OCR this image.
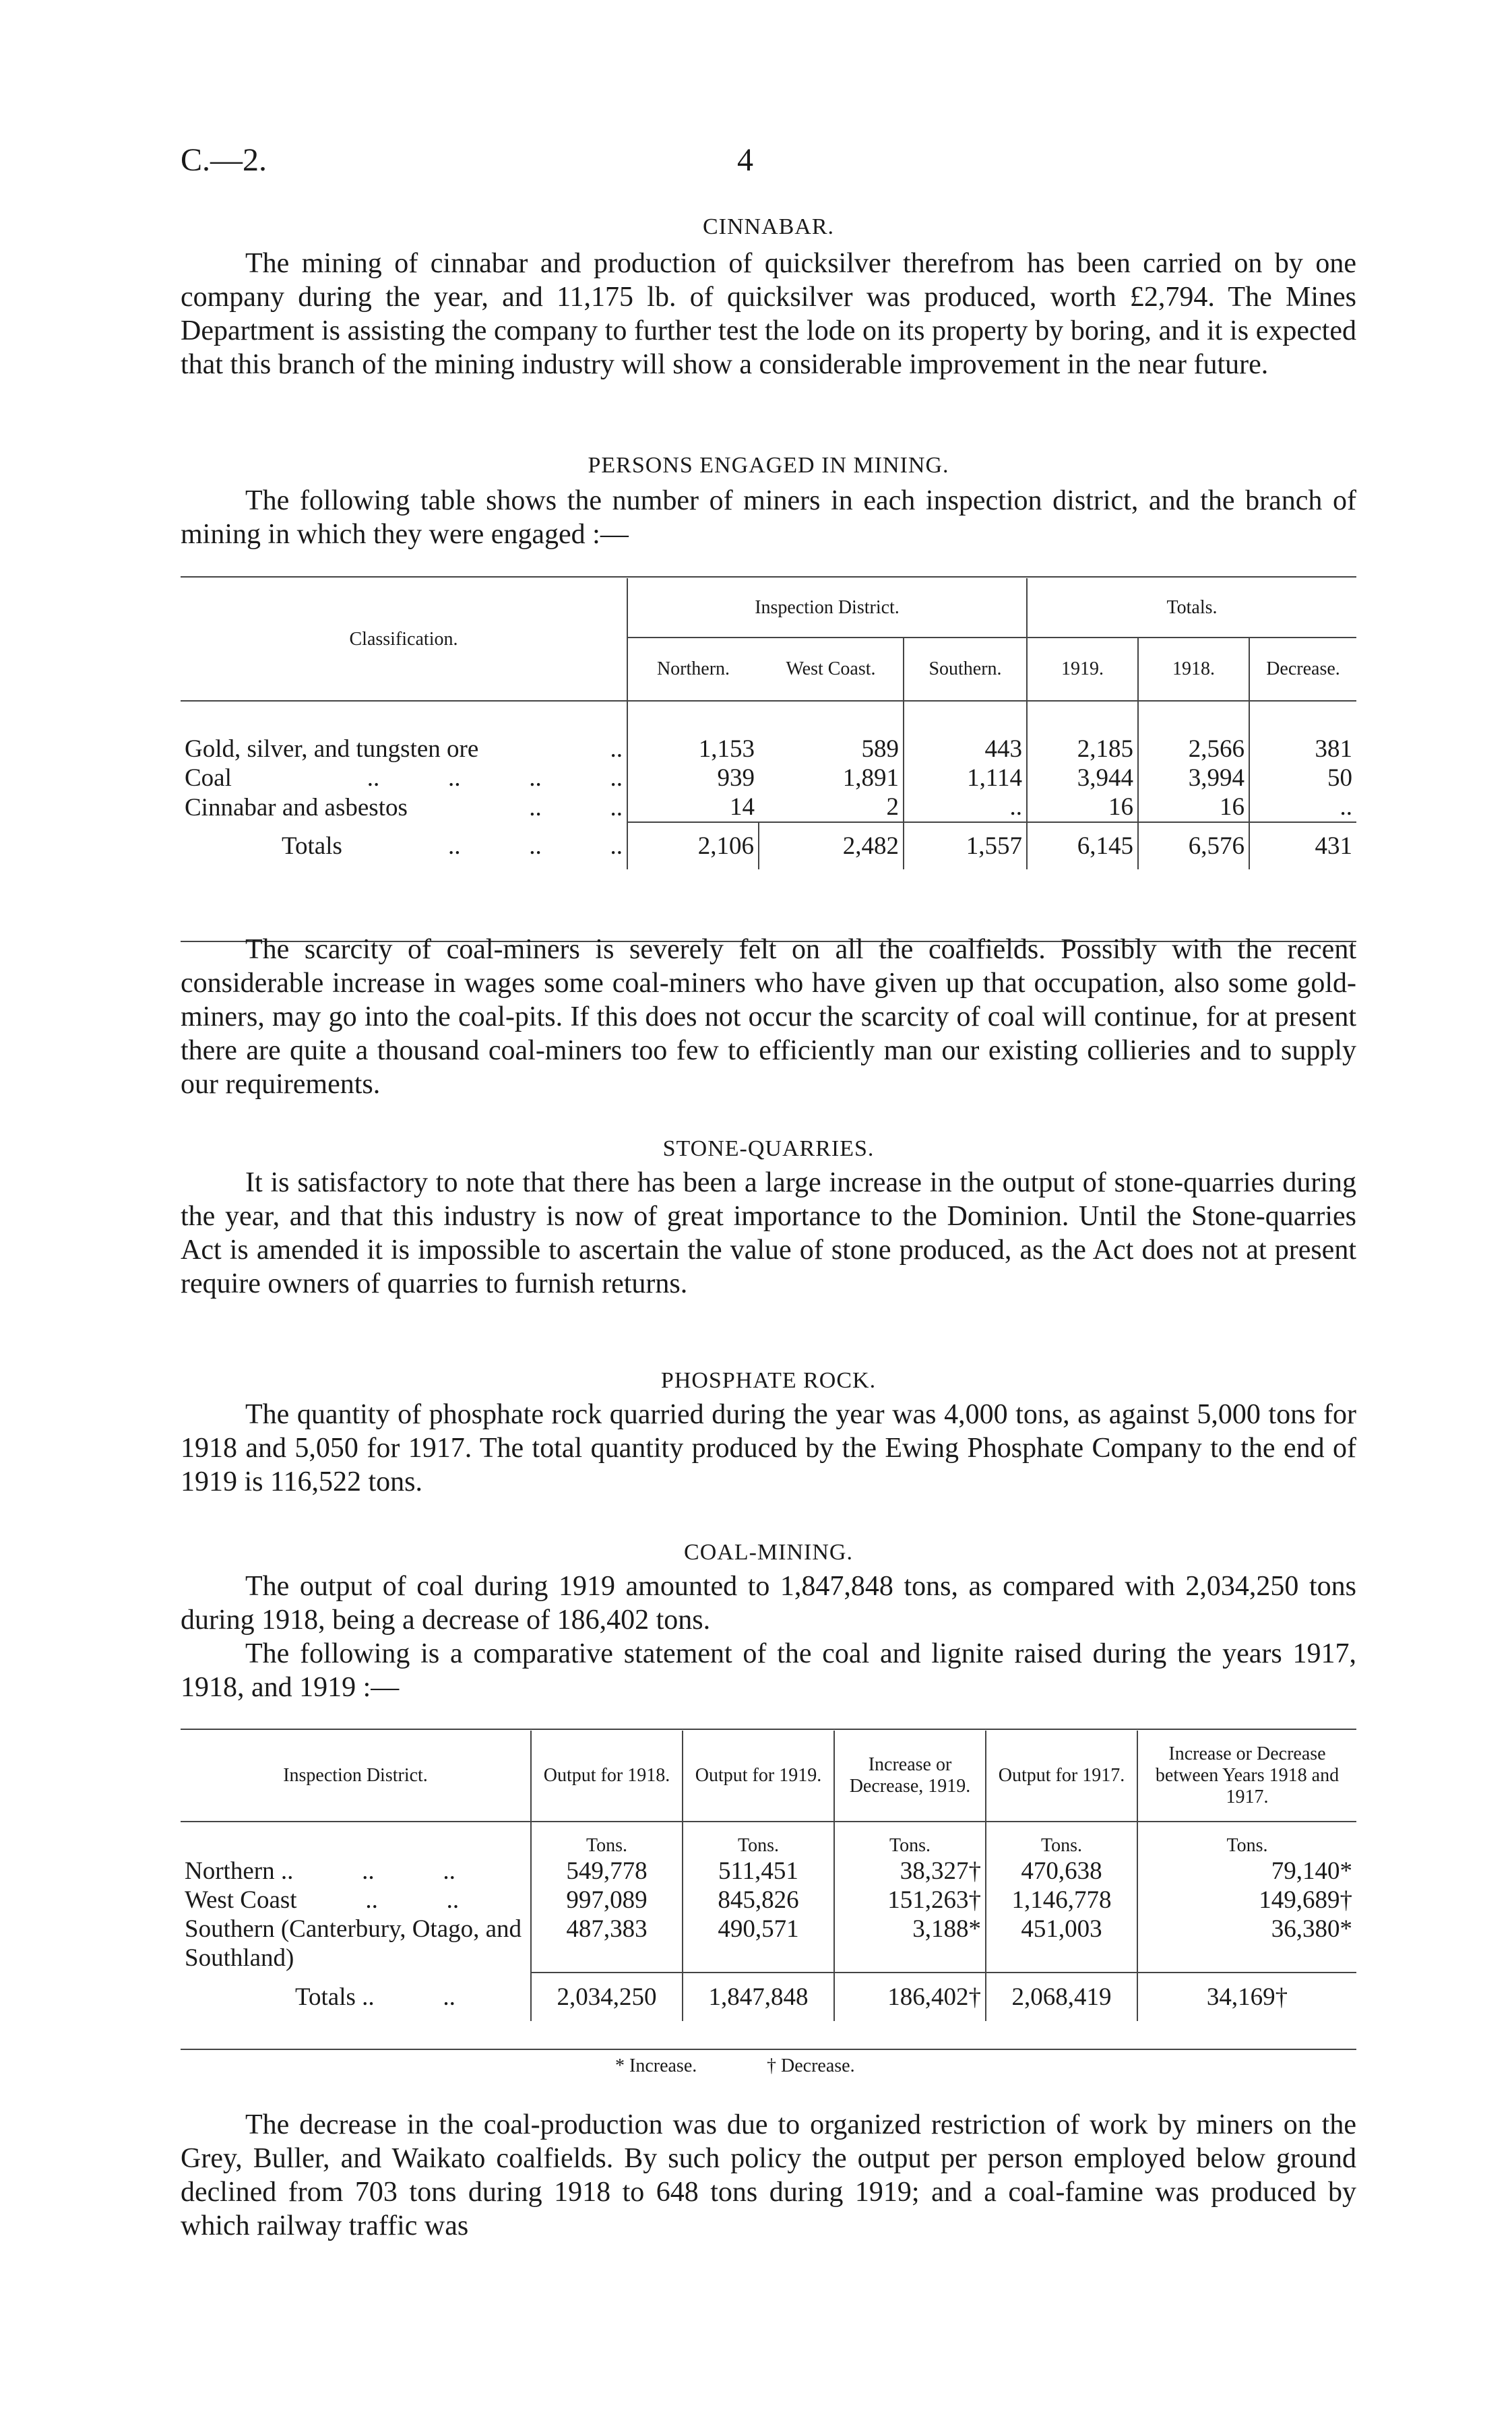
C.—2.	4
CINNABAR.

The mining of cinnabar and production of quicksilver therefrom has been carried on by one company during the year, and 11,175 lb. of quicksilver was produced, worth £2,794. The Mines Department is assisting the company to further test the lode on its property by boring, and it is expected that this branch of the mining industry will show a considerable improvement in the near future.

PERSONS ENGAGED IN MINING.

The following table shows the number of miners in each inspection district, and the branch of mining in which they were engaged :—

Classification.	Inspection District.			Totals.		
	Northern.	West Coast.	Southern.	1919.	1918.	Decrease.

Gold, silver, and tungsten ore ..	1,153	589	443	2,185	2,566	381
Coal ..           ..           ..           ..	939	1,891	1,114	3,944	3,994	50
Cinnabar and asbestos ..           ..	14	2	..	16	16	..
Totals ..           ..           ..	2,106	2,482	1,557	6,145	6,576	431

The scarcity of coal-miners is severely felt on all the coalfields. Possibly with the recent considerable increase in wages some coal-miners who have given up that occupation, also some gold-miners, may go into the coal-pits. If this does not occur the scarcity of coal will continue, for at present there are quite a thousand coal-miners too few to efficiently man our existing collieries and to supply our requirements.

STONE-QUARRIES.

It is satisfactory to note that there has been a large increase in the output of stone-quarries during the year, and that this industry is now of great importance to the Dominion. Until the Stone-quarries Act is amended it is impossible to ascertain the value of stone produced, as the Act does not at present require owners of quarries to furnish returns.

PHOSPHATE ROCK.

The quantity of phosphate rock quarried during the year was 4,000 tons, as against 5,000 tons for 1918 and 5,050 for 1917. The total quantity produced by the Ewing Phosphate Company to the end of 1919 is 116,522 tons.

COAL-MINING.

The output of coal during 1919 amounted to 1,847,848 tons, as compared with 2,034,250 tons during 1918, being a decrease of 186,402 tons.

The following is a comparative statement of the coal and lignite raised during the years 1917, 1918, and 1919 :—

Inspection District.	Output for 1918.	Output for 1919.	Increase or Decrease, 1919.	Output for 1917.	Increase or Decrease between Years 1918 and 1917.
	Tons.	Tons.	Tons.	Tons.	Tons.
Northern ..           ..           ..	549,778	511,451	38,327†	470,638	79,140*
West Coast           ..           ..	997,089	845,826	151,263†	1,146,778	149,689†
Southern (Canterbury, Otago, and Southland)	487,383	490,571	3,188*	451,003	36,380*
Totals ..           ..	2,034,250	1,847,848	186,402†	2,068,419	34,169†
* Increase.	† Decrease.

The decrease in the coal-production was due to organized restriction of work by miners on the Grey, Buller, and Waikato coalfields. By such policy the output per person employed below ground declined from 703 tons during 1918 to 648 tons during 1919; and a coal-famine was produced by which railway traffic was
